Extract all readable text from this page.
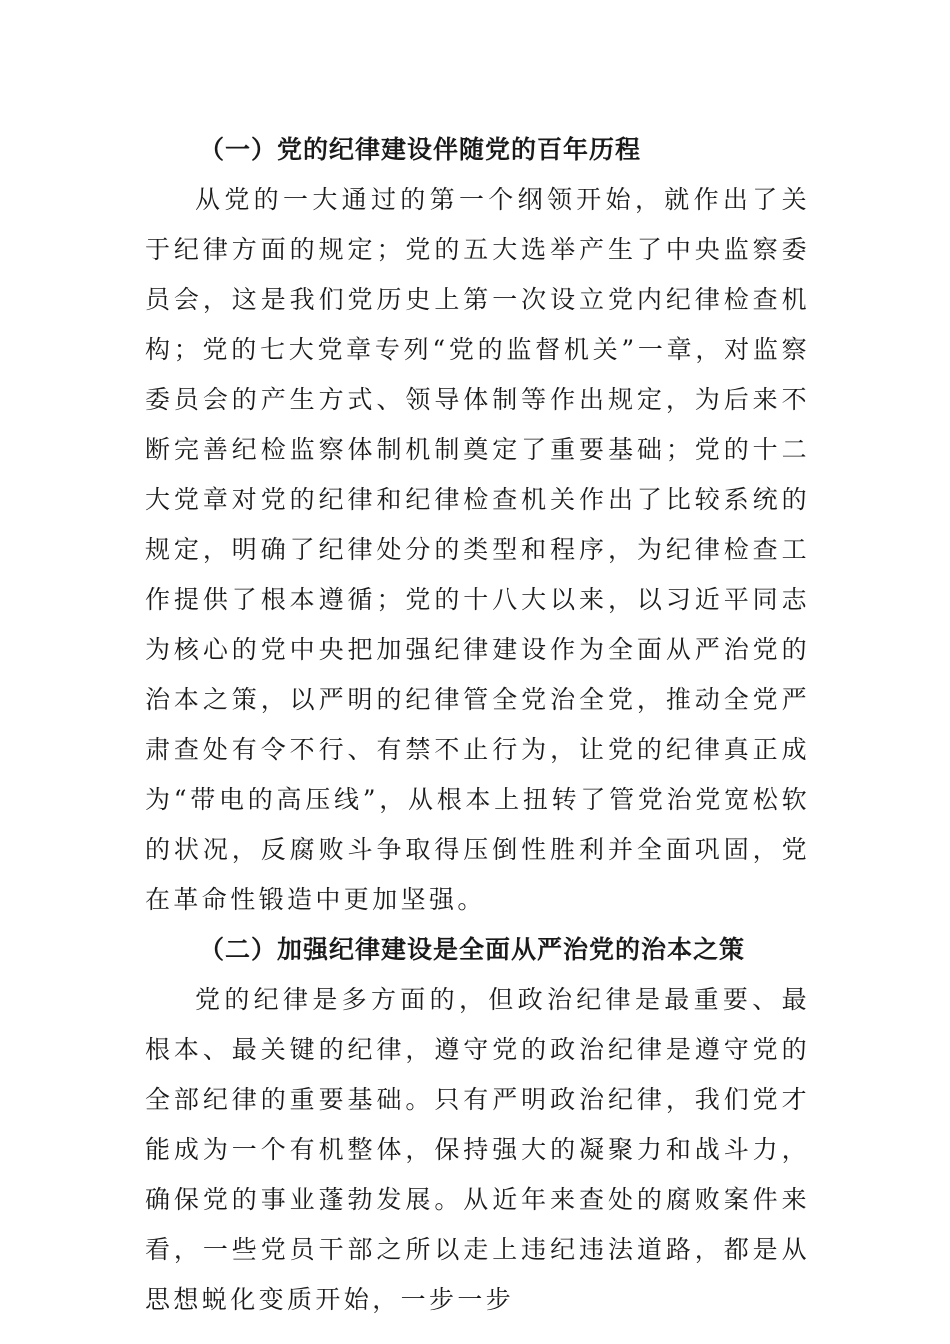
（一）党的纪律建设伴随党的百年历程

从党的一大通过的第一个纲领开始，就作出了关于纪律方面的规定；党的五大选举产生了中央监察委员会，这是我们党历史上第一次设立党内纪律检查机构；党的七大党章专列“党的监督机关”一章，对监察委员会的产生方式、领导体制等作出规定，为后来不断完善纪检监察体制机制奠定了重要基础；党的十二大党章对党的纪律和纪律检查机关作出了比较系统的规定，明确了纪律处分的类型和程序，为纪律检查工作提供了根本遵循；党的十八大以来，以习近平同志为核心的党中央把加强纪律建设作为全面从严治党的治本之策，以严明的纪律管全党治全党，推动全党严肃查处有令不行、有禁不止行为，让党的纪律真正成为“带电的高压线”，从根本上扭转了管党治党宽松软的状况，反腐败斗争取得压倒性胜利并全面巩固，党在革命性锻造中更加坚强。

（二）加强纪律建设是全面从严治党的治本之策

党的纪律是多方面的，但政治纪律是最重要、最根本、最关键的纪律，遵守党的政治纪律是遵守党的全部纪律的重要基础。只有严明政治纪律，我们党才能成为一个有机整体，保持强大的凝聚力和战斗力，确保党的事业蓬勃发展。从近年来查处的腐败案件来看，一些党员干部之所以走上违纪违法道路，都是从思想蜕化变质开始，一步一步
